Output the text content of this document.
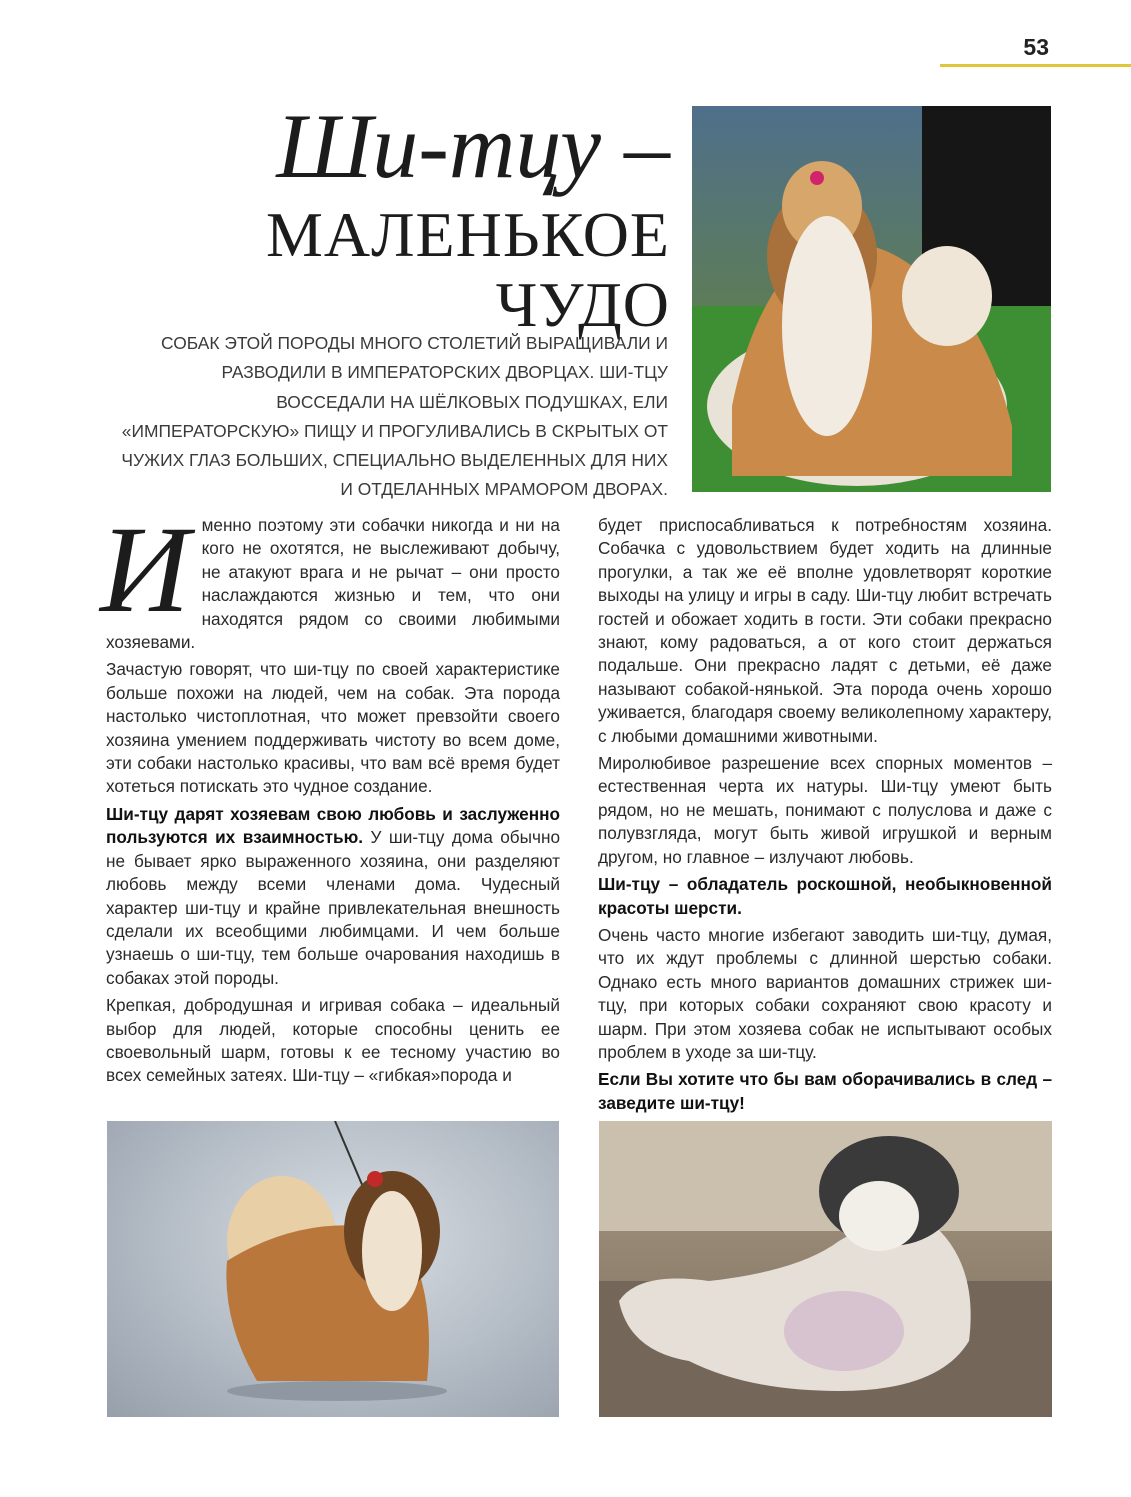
53
Ши-тцу –
МАЛЕНЬКОЕ ЧУДО
СОБАК ЭТОЙ ПОРОДЫ МНОГО СТОЛЕТИЙ ВЫРАЩИВАЛИ И РАЗВОДИЛИ В ИМПЕРАТОРСКИХ ДВОРЦАХ. ШИ-ТЦУ ВОССЕДАЛИ НА ШЁЛКОВЫХ ПОДУШКАХ, ЕЛИ «ИМПЕРАТОРСКУЮ» ПИЩУ И ПРОГУЛИВАЛИСЬ В СКРЫТЫХ ОТ ЧУЖИХ ГЛАЗ БОЛЬШИХ, СПЕЦИАЛЬНО ВЫДЕЛЕННЫХ ДЛЯ НИХ И ОТДЕЛАННЫХ МРАМОРОМ ДВОРАХ.
И менно поэтому эти собачки никогда и ни на кого не охотятся, не выслеживают добычу, не атакуют врага и не рычат – они просто наслаждаются жизнью и тем, что они находятся рядом со своими любимыми хозяевами.

Зачастую говорят, что ши-тцу по своей характеристике больше похожи на людей, чем на собак. Эта порода настолько чистоплотная, что может превзойти своего хозяина умением поддерживать чистоту во всем доме, эти собаки настолько красивы, что вам всё время будет хотеться потискать это чудное создание.

Ши-тцу дарят хозяевам свою любовь и заслуженно пользуются их взаимностью. У ши-тцу дома обычно не бывает ярко выраженного хозяина, они разделяют любовь между всеми членами дома. Чудесный характер ши-тцу и крайне привлекательная внешность сделали их всеобщими любимцами. И чем больше узнаешь о ши-тцу, тем больше очарования находишь в собаках этой породы.

Крепкая, добродушная и игривая собака – идеальный выбор для людей, которые способны ценить ее своевольный шарм, готовы к ее тесному участию во всех семейных затеях. Ши-тцу – «гибкая»порода и

будет приспосабливаться к потребностям хозяина. Собачка с удовольствием будет ходить на длинные прогулки, а так же её вполне удовлетворят короткие выходы на улицу и игры в саду. Ши-тцу любит встречать гостей и обожает ходить в гости. Эти собаки прекрасно знают, кому радоваться, а от кого стоит держаться подальше. Они прекрасно ладят с детьми, её даже называют собакой-нянькой. Эта порода очень хорошо уживается, благодаря своему великолепному характеру, с любыми домашними животными.

Миролюбивое разрешение всех спорных моментов – естественная черта их натуры. Ши-тцу умеют быть рядом, но не мешать, понимают с полуслова и даже с полувзгляда, могут быть живой игрушкой и верным другом, но главное – излучают любовь.

Ши-тцу – обладатель роскошной, необыкновенной красоты шерсти.

Очень часто многие избегают заводить ши-тцу, думая, что их ждут проблемы с длинной шерстью собаки. Однако есть много вариантов домашних стрижек ши-тцу, при которых собаки сохраняют свою красоту и шарм. При этом хозяева собак не испытывают особых проблем в уходе за ши-тцу.

Если Вы хотите что бы вам оборачивались в след – заведите ши-тцу!
